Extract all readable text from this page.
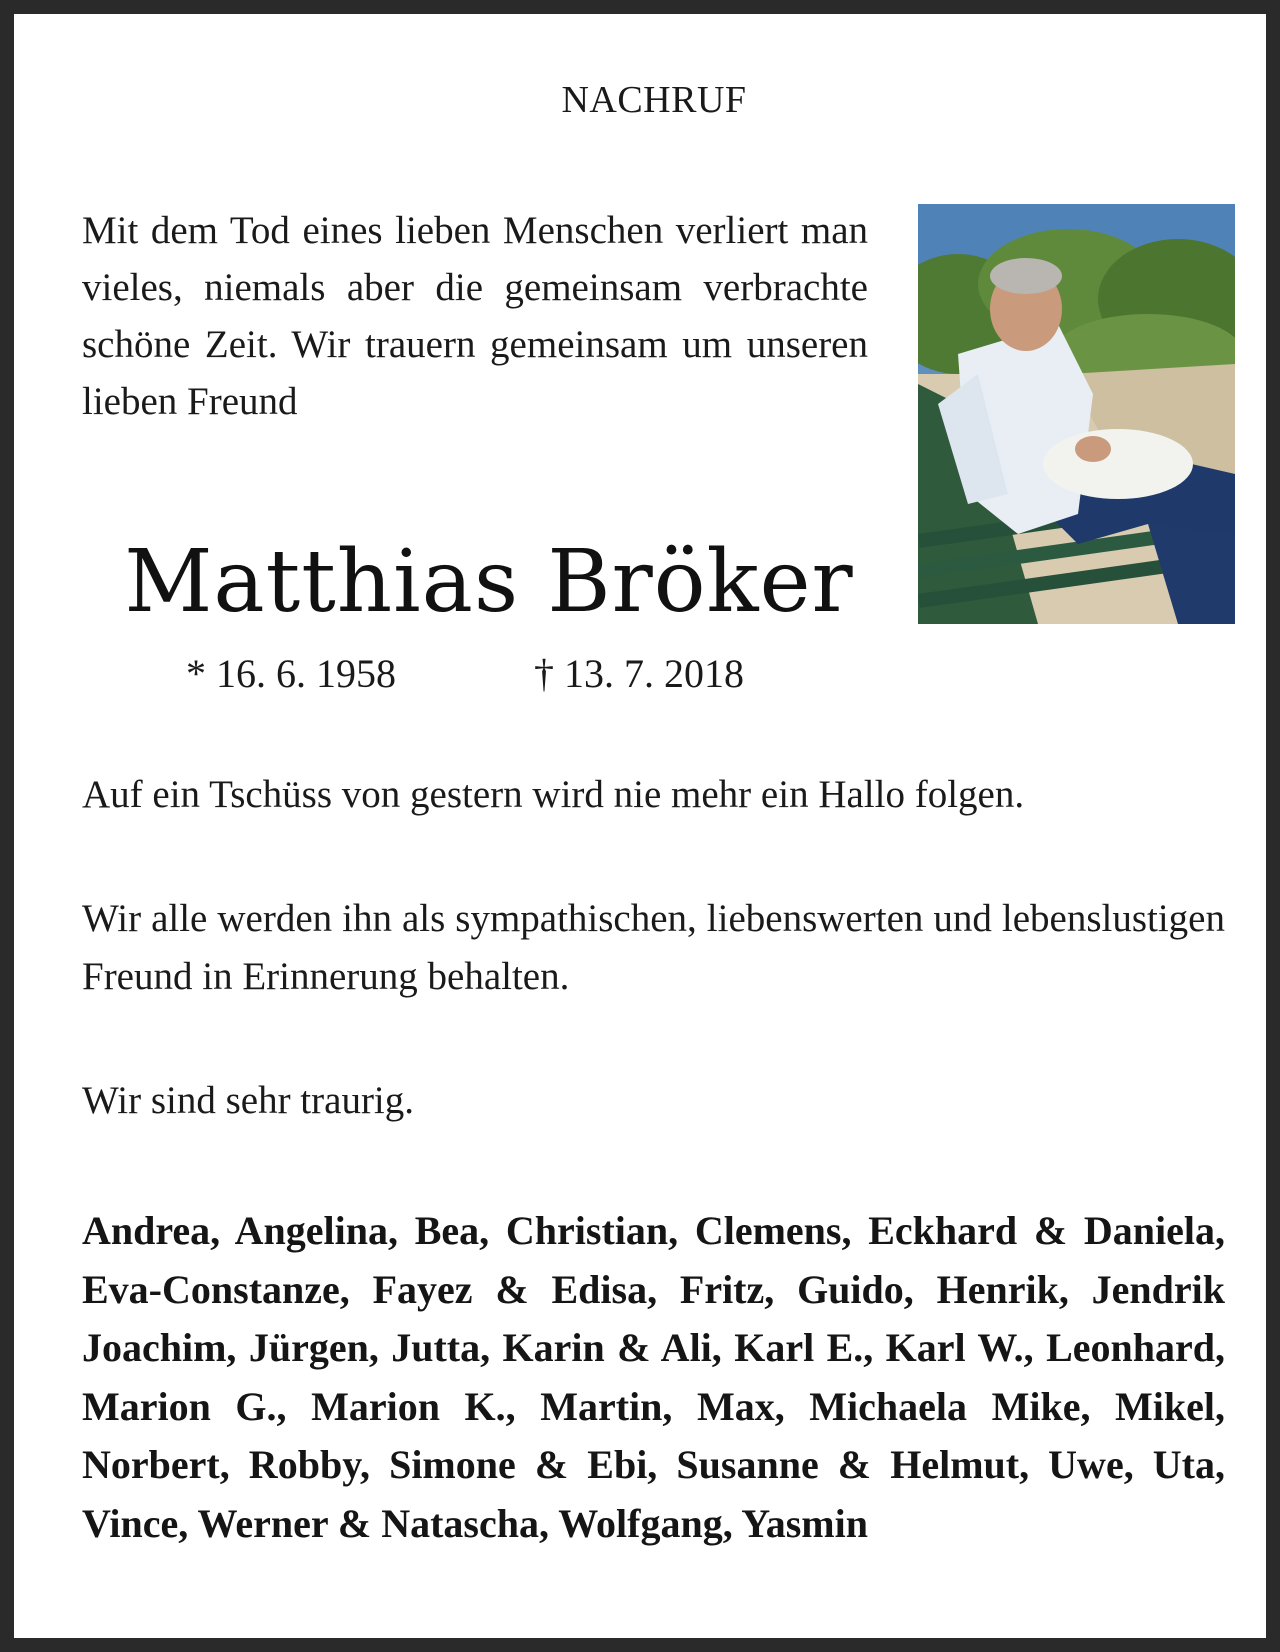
NACHRUF
Mit dem Tod eines lieben Menschen verliert man vieles, niemals aber die gemeinsam verbrachte schöne Zeit. Wir trauern gemeinsam um unseren lieben Freund
Matthias Bröker
* 16. 6. 1958	† 13. 7. 2018
Auf ein Tschüss von gestern wird nie mehr ein Hallo folgen.
Wir alle werden ihn als sympathischen, liebenswerten und lebenslustigen Freund in Erinnerung behalten.
Wir sind sehr traurig.
Andrea, Angelina, Bea, Christian, Clemens, Eckhard & Daniela, Eva-Constanze, Fayez & Edisa, Fritz, Guido, Henrik, Jendrik Joachim, Jürgen, Jutta, Karin & Ali, Karl E., Karl W., Leonhard, Marion G., Marion K., Martin, Max, Michaela Mike, Mikel, Norbert, Robby, Simone & Ebi, Susanne & Helmut, Uwe, Uta, Vince, Werner & Natascha, Wolfgang, Yasmin
